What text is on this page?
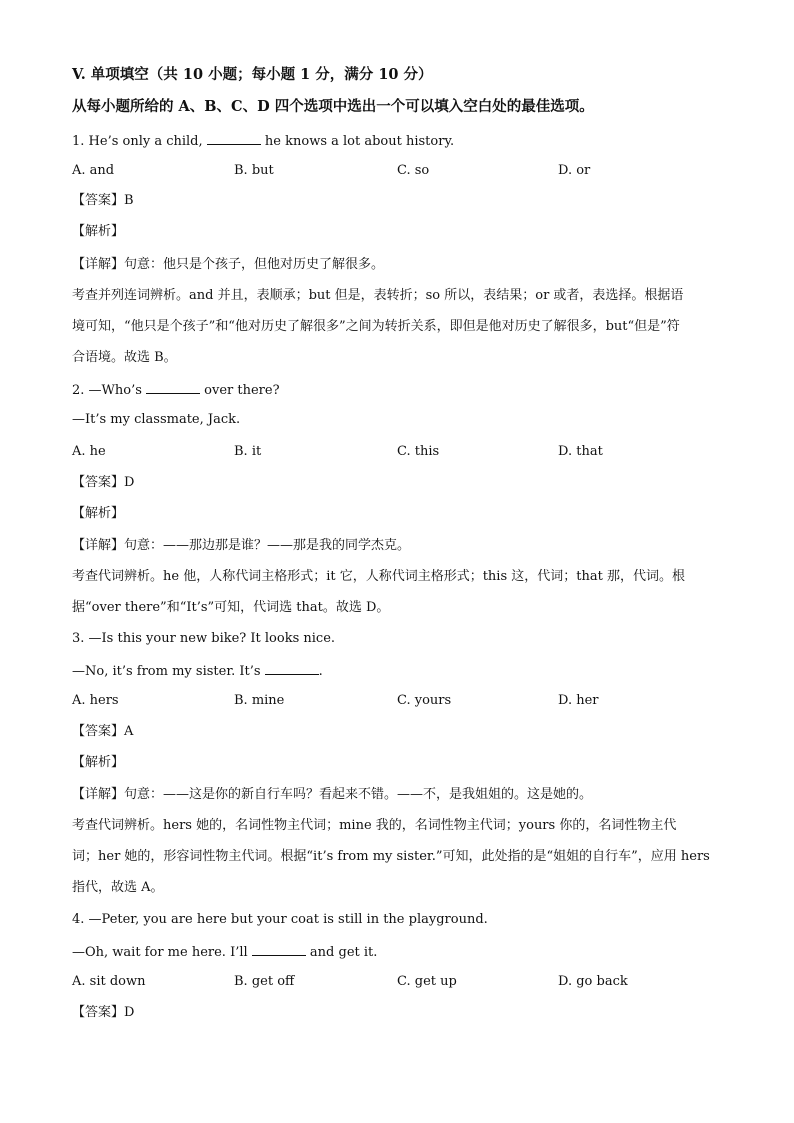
V. 单项填空（共 10 小题；每小题 1 分，满分 10 分）
从每小题所给的 A、B、C、D 四个选项中选出一个可以填入空白处的最佳选项。
1. He’s only a child,	he knows a lot about history.
A. and	B. but	C. so	D. or
【答案】B
【解析】
【详解】句意：他只是个孩子，但他对历史了解很多。
考查并列连词辨析。and 并且，表顺承；but 但是，表转折；so 所以，表结果；or 或者，表选择。根据语
境可知，“他只是个孩子”和“他对历史了解很多”之间为转折关系，即但是他对历史了解很多，but“但是”符
合语境。故选 B。
2. —Who’s	over there?
—It’s my classmate, Jack.
A. he	B. it	C. this	D. that
【答案】D
【解析】
【详解】句意：——那边那是谁？——那是我的同学杰克。
考查代词辨析。he 他，人称代词主格形式；it 它，人称代词主格形式；this 这，代词；that 那，代词。根
据“over there”和“It’s”可知，代词选 that。故选 D。
3. —Is this your new bike? It looks nice.
—No, it’s from my sister. It’s	.
A. hers	B. mine	C. yours	D. her
【答案】A
【解析】
【详解】句意：——这是你的新自行车吗？看起来不错。——不，是我姐姐的。这是她的。
考查代词辨析。hers 她的，名词性物主代词；mine 我的，名词性物主代词；yours 你的，名词性物主代
词；her 她的，形容词性物主代词。根据“it’s from my sister.”可知，此处指的是“姐姐的自行车”，应用 hers
指代，故选 A。
4. —Peter, you are here but your coat is still in the playground.
—Oh, wait for me here. I’ll	and get it.
A. sit down	B. get off	C. get up	D. go back
【答案】D
